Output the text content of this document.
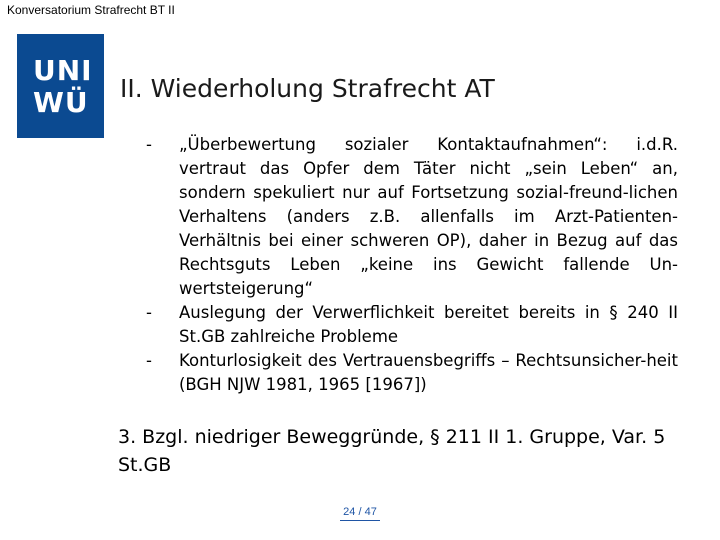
Konversatorium Strafrecht BT II
UNI
WÜ	II. Wiederholung Strafrecht AT
- „Überbewertung sozialer Kontaktaufnahmen“: i.d.R. vertraut das Opfer dem Täter nicht „sein Leben“ an, sondern spekuliert nur auf Fortsetzung sozial-freund-lichen Verhaltens (anders z.B. allenfalls im Arzt-Patienten-Verhältnis bei einer schweren OP), daher in Bezug auf das Rechtsguts Leben „keine ins Gewicht fallende Un-wertsteigerung“
- Auslegung der Verwerflichkeit bereitet bereits in § 240 II St.GB zahlreiche Probleme
- Konturlosigkeit des Vertrauensbegriffs – Rechtsunsicher-heit (BGH NJW 1981, 1965 [1967])
3. Bzgl. niedriger Beweggründe, § 211 II 1. Gruppe, Var. 5 St.GB
24 / 47
